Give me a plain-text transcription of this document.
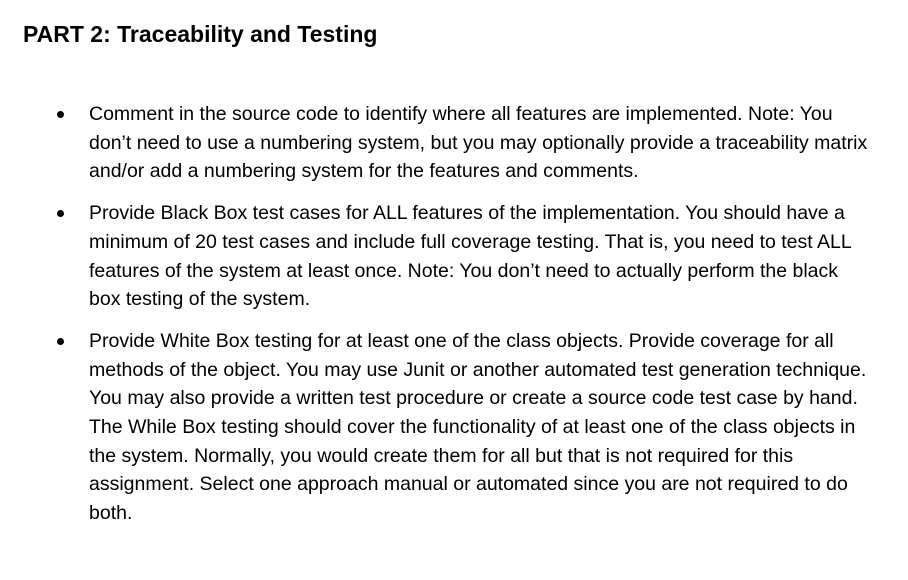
PART 2: Traceability and Testing
Comment in the source code to identify where all features are implemented. Note: You don’t need to use a numbering system, but you may optionally provide a traceability matrix and/or add a numbering system for the features and comments.
Provide Black Box test cases for ALL features of the implementation. You should have a minimum of 20 test cases and include full coverage testing. That is, you need to test ALL features of the system at least once. Note: You don’t need to actually perform the black box testing of the system.
Provide White Box testing for at least one of the class objects. Provide coverage for all methods of the object. You may use Junit or another automated test generation technique. You may also provide a written test procedure or create a source code test case by hand. The While Box testing should cover the functionality of at least one of the class objects in the system. Normally, you would create them for all but that is not required for this assignment. Select one approach manual or automated since you are not required to do both.
